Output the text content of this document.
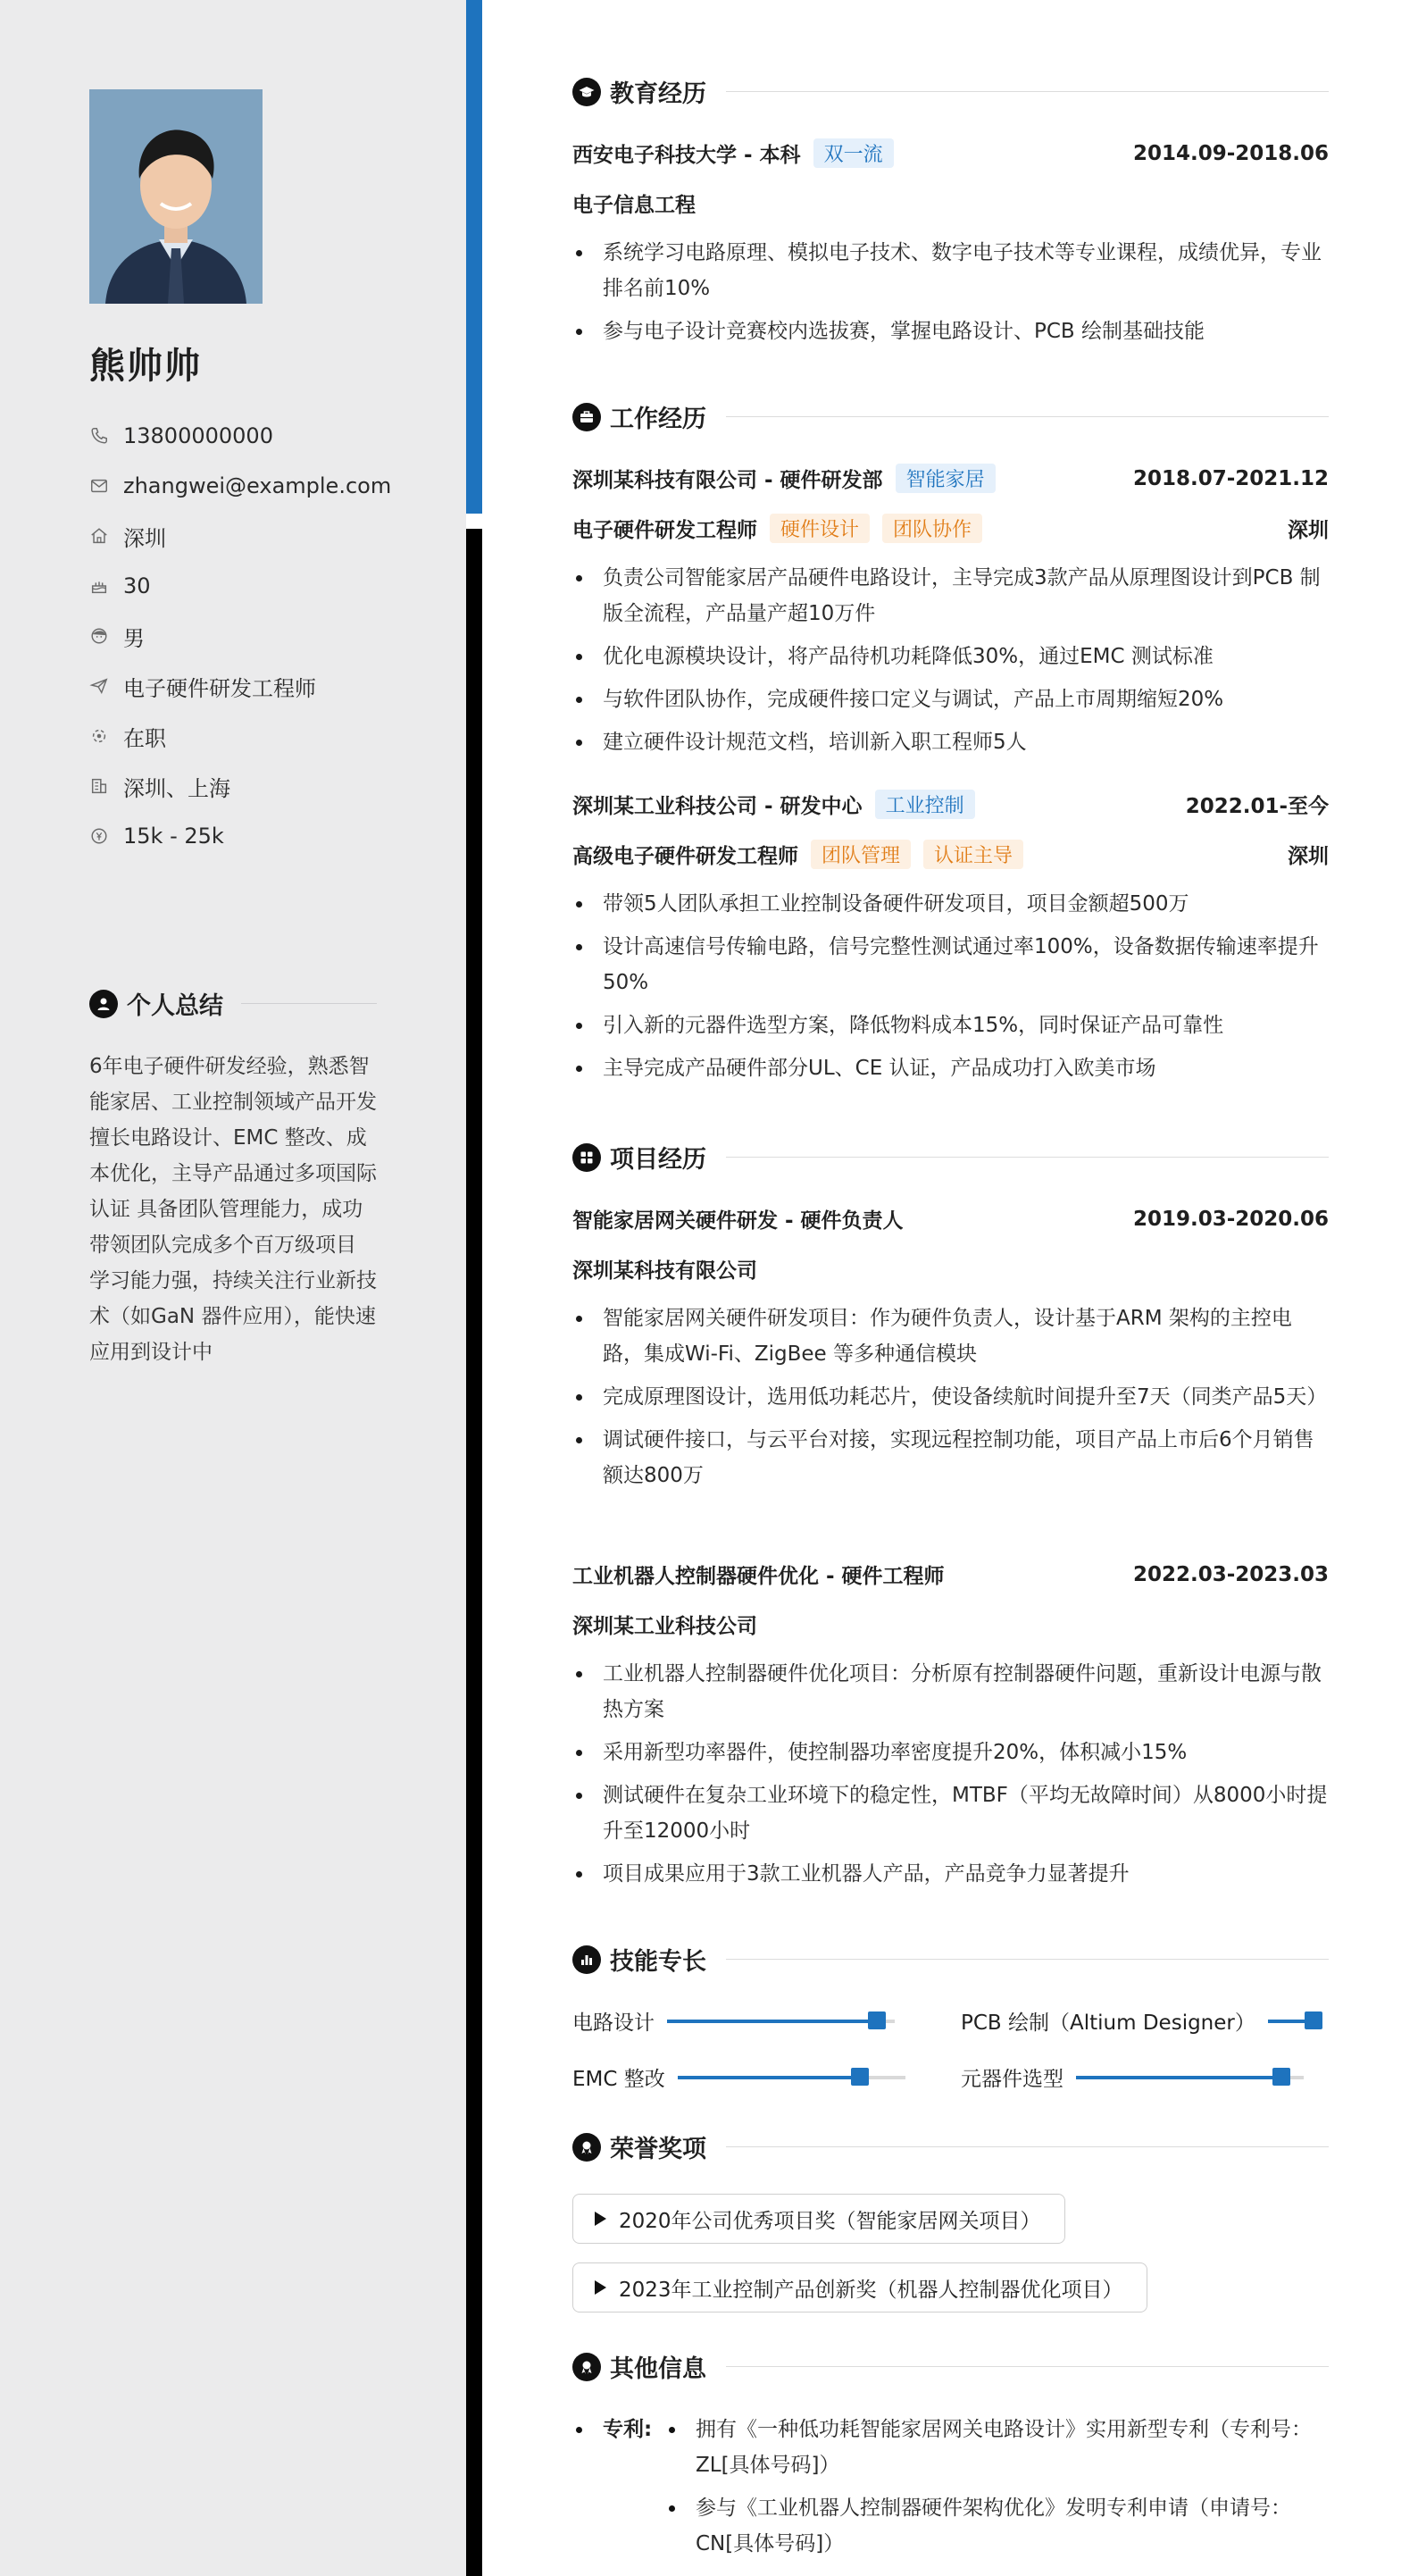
熊帅帅
13800000000
zhangwei@example.com
深圳
30
男
电子硬件研发工程师
在职
深圳、上海
15k - 25k
个人总结
6年电子硬件研发经验，熟悉智能家居、工业控制领域产品开发 擅长电路设计、EMC 整改、成本优化，主导产品通过多项国际认证 具备团队管理能力，成功带领团队完成多个百万级项目 学习能力强，持续关注行业新技术（如GaN 器件应用），能快速应用到设计中
教育经历
西安电子科技大学 - 本科	双一流	2014.09-2018.06
电子信息工程
系统学习电路原理、模拟电子技术、数字电子技术等专业课程，成绩优异，专业排名前10%
参与电子设计竞赛校内选拔赛，掌握电路设计、PCB 绘制基础技能
工作经历
深圳某科技有限公司 - 硬件研发部	智能家居	2018.07-2021.12
电子硬件研发工程师	硬件设计	团队协作	深圳
负责公司智能家居产品硬件电路设计，主导完成3款产品从原理图设计到PCB 制版全流程，产品量产超10万件
优化电源模块设计，将产品待机功耗降低30%，通过EMC 测试标准
与软件团队协作，完成硬件接口定义与调试，产品上市周期缩短20%
建立硬件设计规范文档，培训新入职工程师5人
深圳某工业科技公司 - 研发中心	工业控制	2022.01-至今
高级电子硬件研发工程师	团队管理	认证主导	深圳
带领5人团队承担工业控制设备硬件研发项目，项目金额超500万
设计高速信号传输电路，信号完整性测试通过率100%，设备数据传输速率提升50%
引入新的元器件选型方案，降低物料成本15%，同时保证产品可靠性
主导完成产品硬件部分UL、CE 认证，产品成功打入欧美市场
项目经历
智能家居网关硬件研发 - 硬件负责人	2019.03-2020.06
深圳某科技有限公司
智能家居网关硬件研发项目：作为硬件负责人，设计基于ARM 架构的主控电路，集成Wi-Fi、ZigBee 等多种通信模块
完成原理图设计，选用低功耗芯片，使设备续航时间提升至7天（同类产品5天）
调试硬件接口，与云平台对接，实现远程控制功能，项目产品上市后6个月销售额达800万
工业机器人控制器硬件优化 - 硬件工程师	2022.03-2023.03
深圳某工业科技公司
工业机器人控制器硬件优化项目：分析原有控制器硬件问题，重新设计电源与散热方案
采用新型功率器件，使控制器功率密度提升20%，体积减小15%
测试硬件在复杂工业环境下的稳定性，MTBF（平均无故障时间）从8000小时提升至12000小时
项目成果应用于3款工业机器人产品，产品竞争力显著提升
技能专长
电路设计	PCB 绘制（Altium Designer）
EMC 整改	元器件选型
荣誉奖项
2020年公司优秀项目奖（智能家居网关项目）
2023年工业控制产品创新奖（机器人控制器优化项目）
其他信息
专利:	拥有《一种低功耗智能家居网关电路设计》实用新型专利（专利号：ZL[具体号码]）
参与《工业机器人控制器硬件架构优化》发明专利申请（申请号：CN[具体号码]）
